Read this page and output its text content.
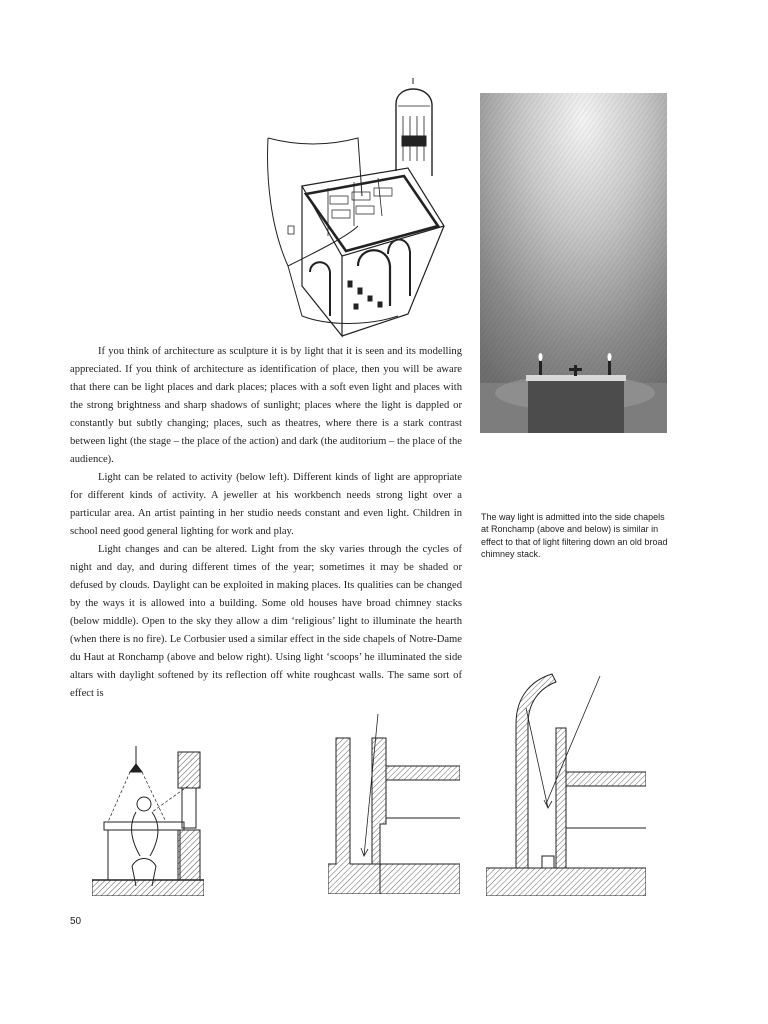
If you think of architecture as sculpture it is by light that it is seen and its modelling appreciated. If you think of architecture as identification of place, then you will be aware that there can be light places and dark places; places with a soft even light and places with the strong brightness and sharp shadows of sunlight; places where the light is dappled or constantly but subtly changing; places, such as theatres, where there is a stark contrast between light (the stage – the place of the action) and dark (the auditorium – the place of the audience).

Light can be related to activity (below left). Different kinds of light are appropriate for different kinds of activity. A jeweller at his workbench needs strong light over a particular area. An artist painting in her studio needs constant and even light. Children in school need good general lighting for work and play.

Light changes and can be altered. Light from the sky varies through the cycles of night and day, and during different times of the year; sometimes it may be shaded or defused by clouds. Daylight can be exploited in making places. Its qualities can be changed by the ways it is allowed into a building. Some old houses have broad chimney stacks (below middle). Open to the sky they allow a dim ‘religious’ light to illuminate the hearth (when there is no fire). Le Corbusier used a similar effect in the side chapels of Notre-Dame du Haut at Ronchamp (above and below right). Using light ‘scoops’ he illuminated the side altars with daylight softened by its reflection off white roughcast walls. The same sort of effect is

The way light is admitted into the side chapels at Ronchamp (above and below) is similar in effect to that of light filtering down an old broad chimney stack.
50
